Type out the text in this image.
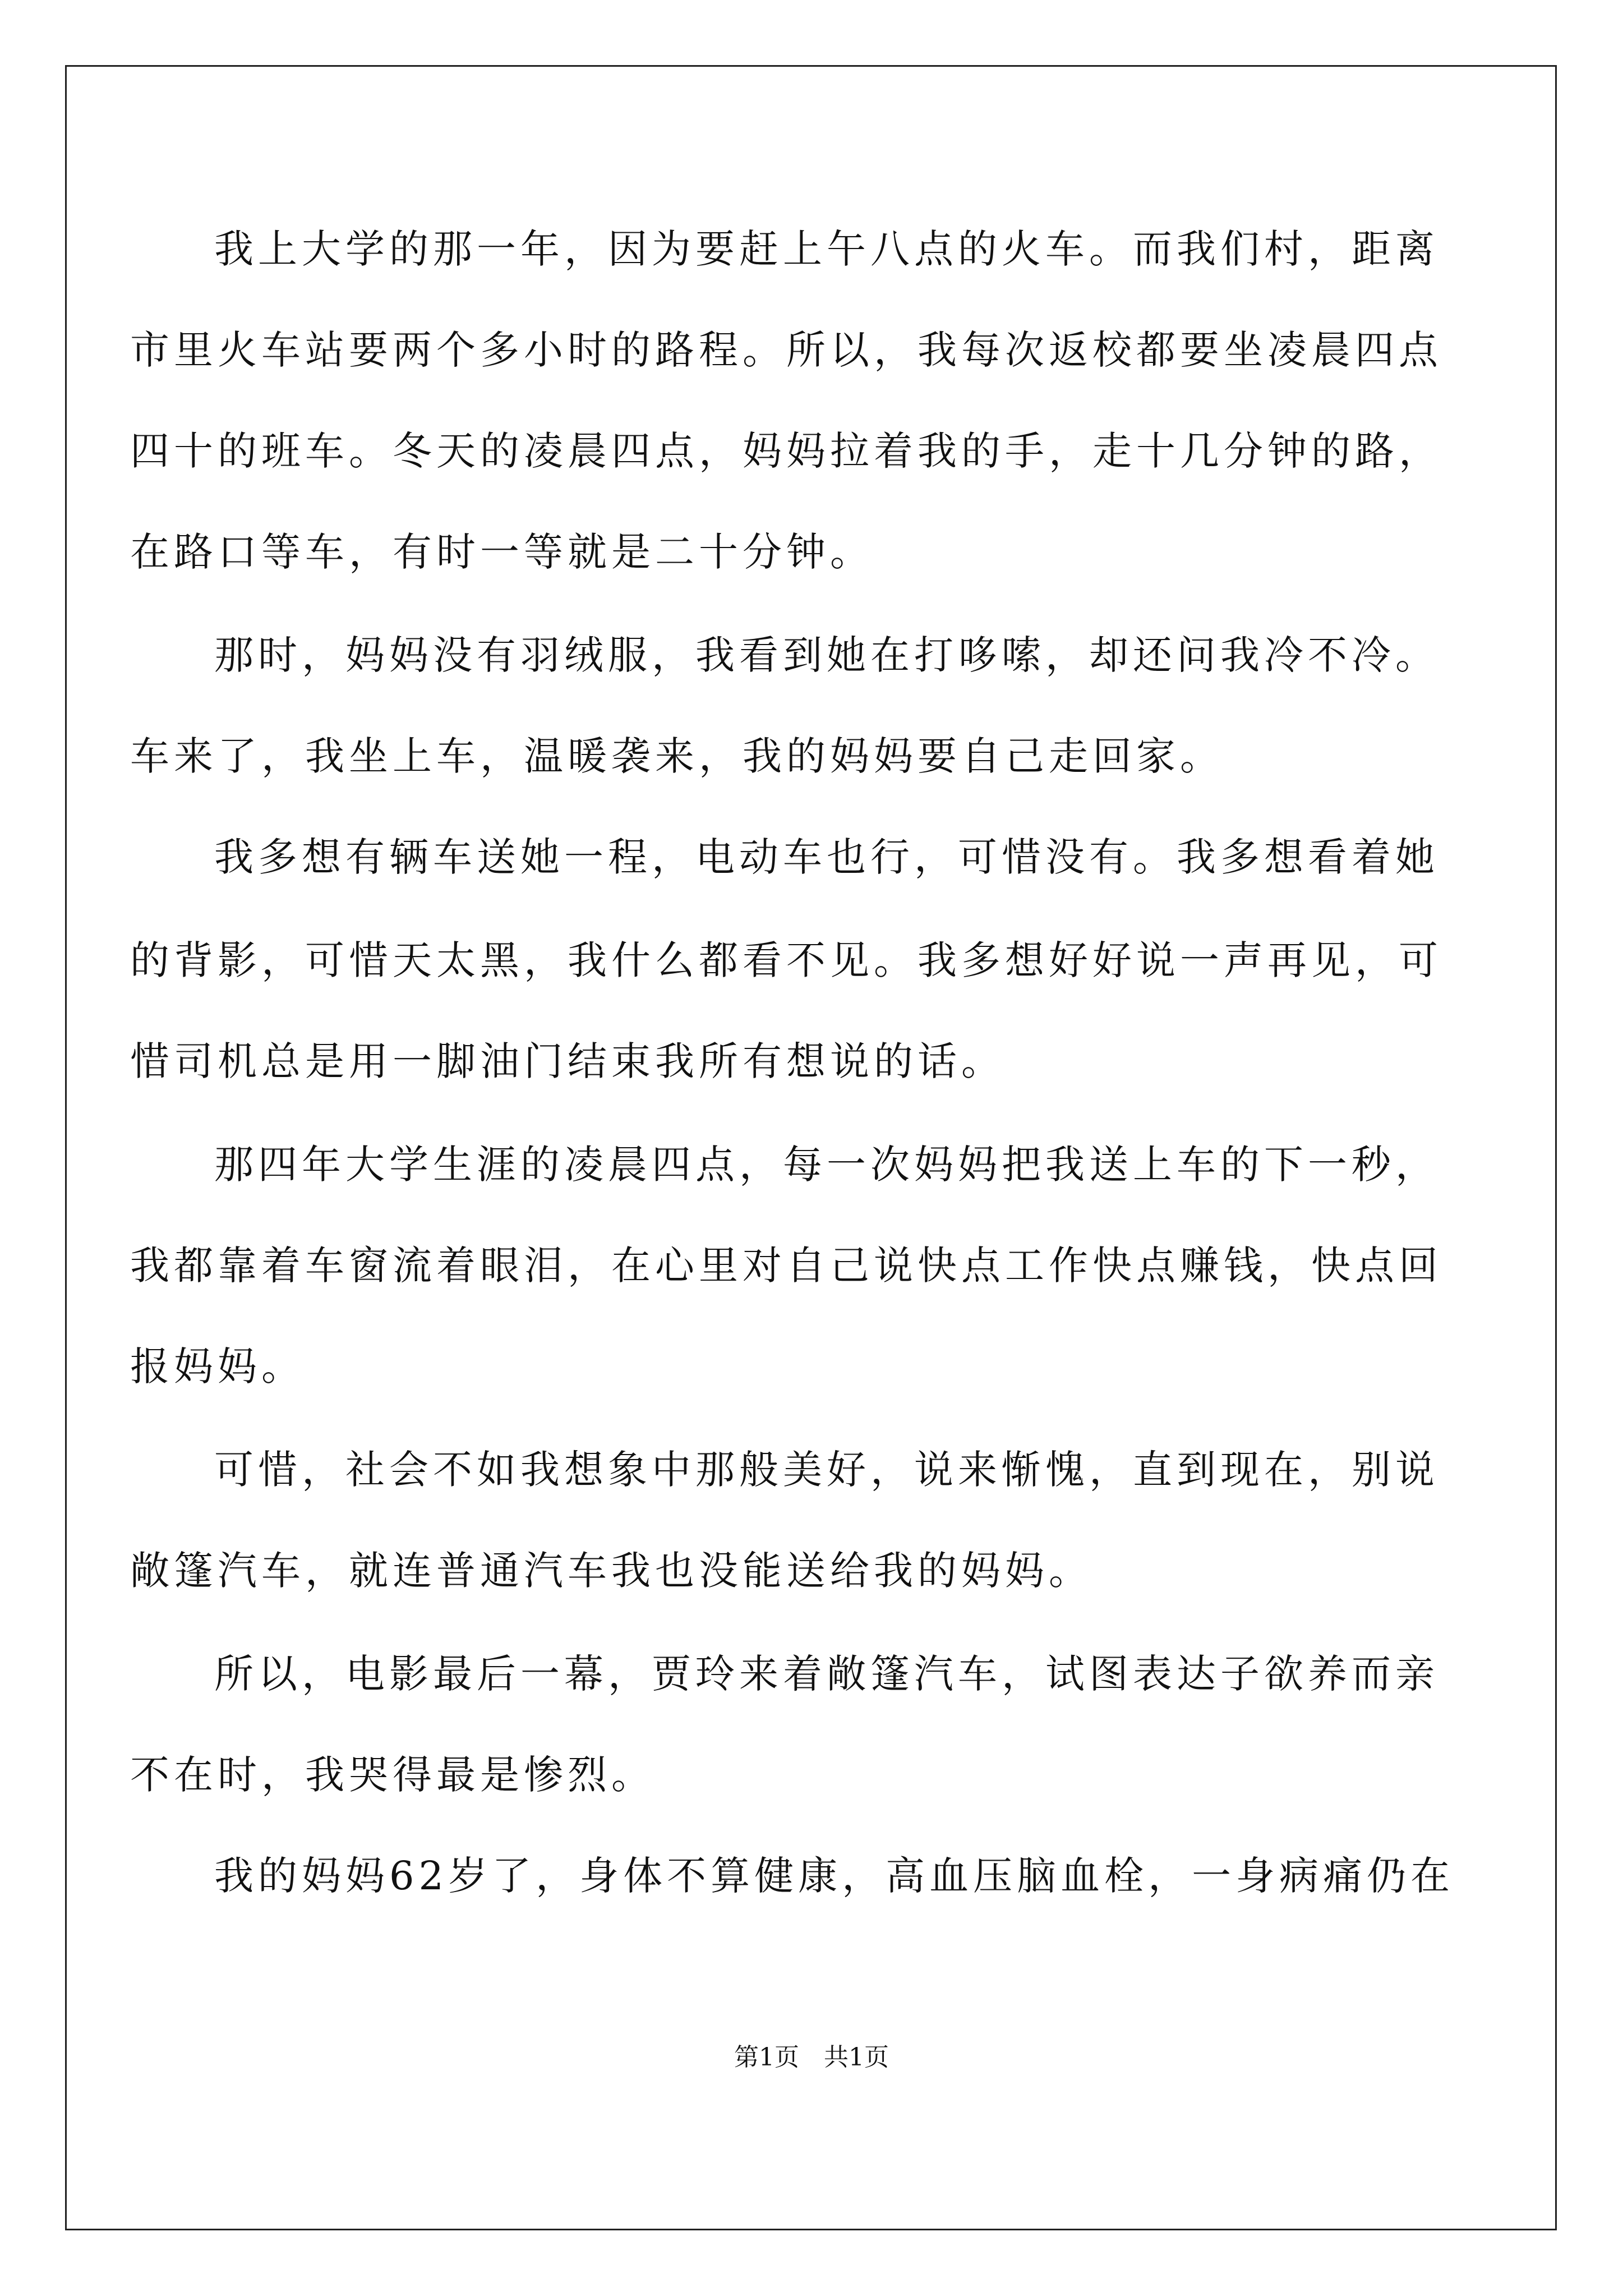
我上大学的那一年，因为要赶上午八点的火车。而我们村，距离
市里火车站要两个多小时的路程。所以，我每次返校都要坐凌晨四点
四十的班车。冬天的凌晨四点，妈妈拉着我的手，走十几分钟的路，
在路口等车，有时一等就是二十分钟。
那时，妈妈没有羽绒服，我看到她在打哆嗦，却还问我冷不冷。
车来了，我坐上车，温暖袭来，我的妈妈要自己走回家。
我多想有辆车送她一程，电动车也行，可惜没有。我多想看着她
的背影，可惜天太黑，我什么都看不见。我多想好好说一声再见，可
惜司机总是用一脚油门结束我所有想说的话。
那四年大学生涯的凌晨四点，每一次妈妈把我送上车的下一秒，
我都靠着车窗流着眼泪，在心里对自己说快点工作快点赚钱，快点回
报妈妈。
可惜，社会不如我想象中那般美好，说来惭愧，直到现在，别说
敞篷汽车，就连普通汽车我也没能送给我的妈妈。
所以，电影最后一幕，贾玲来着敞篷汽车，试图表达子欲养而亲
不在时，我哭得最是惨烈。
我的妈妈62岁了，身体不算健康，高血压脑血栓，一身病痛仍在
第1页　共1页
